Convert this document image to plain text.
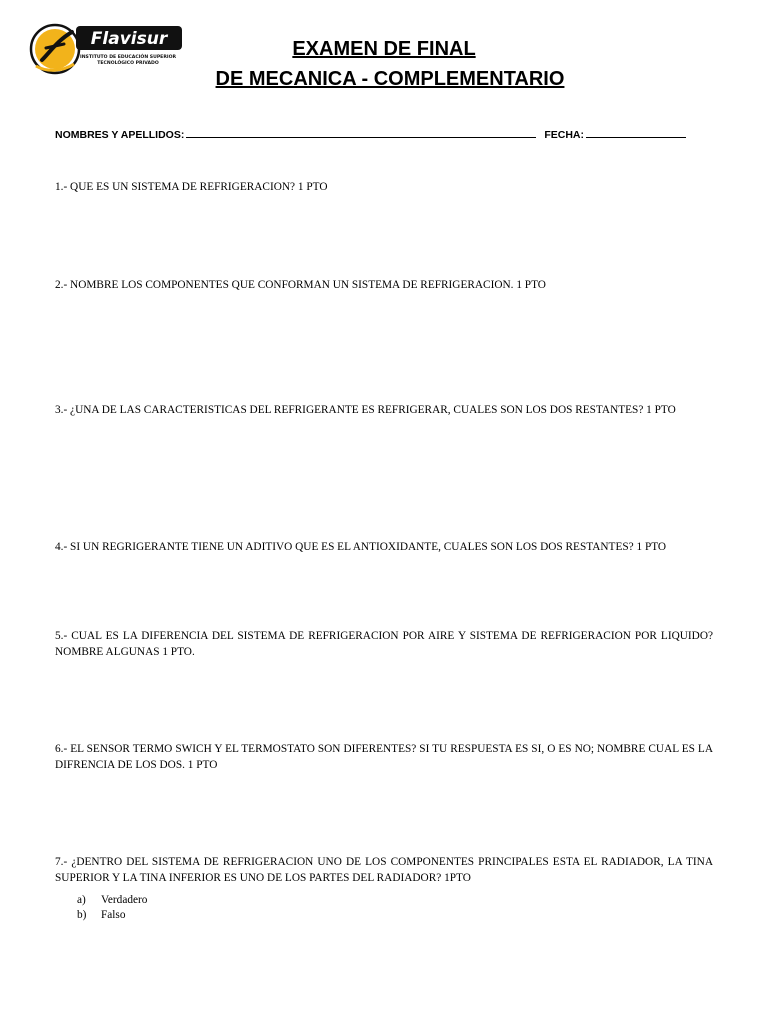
Flavisur
INSTITUTO DE EDUCACIÓN SUPERIOR
TECNOLÓGICO PRIVADO
EXAMEN DE FINAL
DE MECANICA - COMPLEMENTARIO
NOMBRES Y APELLIDOS:	FECHA:

1.- QUE ES UN SISTEMA DE REFRIGERACION? 1 PTO

2.- NOMBRE LOS COMPONENTES QUE CONFORMAN UN SISTEMA DE REFRIGERACION. 1 PTO

3.- ¿UNA DE LAS CARACTERISTICAS DEL REFRIGERANTE ES REFRIGERAR, CUALES SON LOS DOS RESTANTES? 1 PTO

4.- SI UN REGRIGERANTE TIENE UN ADITIVO QUE ES EL ANTIOXIDANTE, CUALES SON LOS DOS RESTANTES? 1 PTO

5.- CUAL ES LA DIFERENCIA DEL SISTEMA DE REFRIGERACION POR AIRE Y SISTEMA DE REFRIGERACION POR LIQUIDO? NOMBRE ALGUNAS 1 PTO.

6.- EL SENSOR TERMO SWICH Y EL TERMOSTATO SON DIFERENTES? SI TU RESPUESTA ES SI, O ES NO; NOMBRE CUAL ES LA DIFRENCIA DE LOS DOS. 1 PTO

7.- ¿DENTRO DEL SISTEMA DE REFRIGERACION UNO DE LOS COMPONENTES PRINCIPALES ESTA EL RADIADOR, LA TINA SUPERIOR Y LA TINA INFERIOR ES UNO DE LOS PARTES DEL RADIADOR? 1PTO

a)	Verdadero
b)	Falso
